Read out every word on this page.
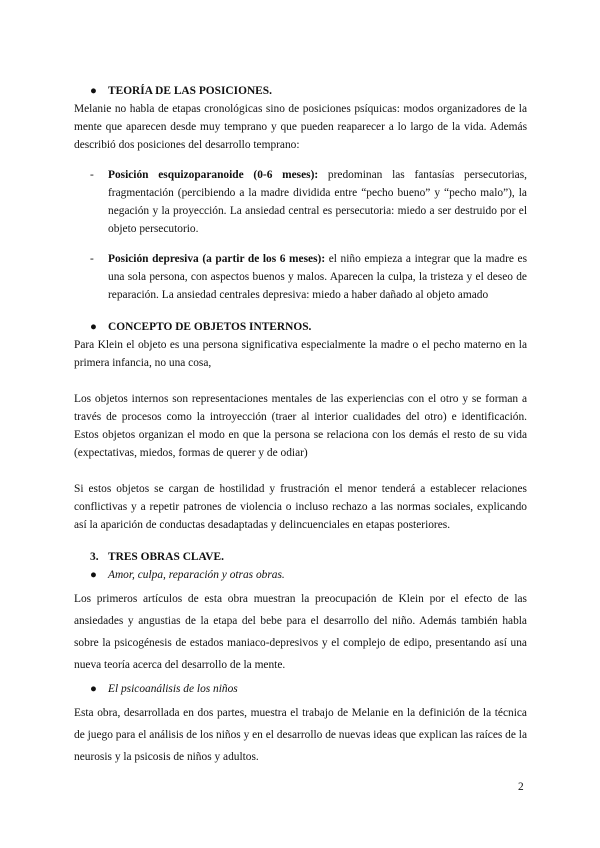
● TEORÍA DE LAS POSICIONES.

Melanie no habla de etapas cronológicas sino de posiciones psíquicas: modos organizadores de la mente que aparecen desde muy temprano y que pueden reaparecer a lo largo de la vida. Además describió dos posiciones del desarrollo temprano:

-	Posición esquizoparanoide (0-6 meses): predominan las fantasías persecutorias, fragmentación (percibiendo a la madre dividida entre “pecho bueno” y “pecho malo”), la negación y la proyección. La ansiedad central es persecutoria: miedo a ser destruido por el objeto persecutorio.

-	Posición depresiva (a partir de los 6 meses): el niño empieza a integrar que la madre es una sola persona, con aspectos buenos y malos. Aparecen la culpa, la tristeza y el deseo de reparación. La ansiedad centrales depresiva: miedo a haber dañado al objeto amado

● CONCEPTO DE OBJETOS INTERNOS.

Para Klein el objeto es una persona significativa especialmente la madre o el pecho materno en la primera infancia, no una cosa,

Los objetos internos son representaciones mentales de las experiencias con el otro y se forman a través de procesos como la introyección (traer al interior cualidades del otro) e identificación. Estos objetos organizan el modo en que la persona se relaciona con los demás el resto de su vida (expectativas, miedos, formas de querer y de odiar)

Si estos objetos se cargan de hostilidad y frustración el menor tenderá a establecer relaciones conflictivas y a repetir patrones de violencia o incluso rechazo a las normas sociales, explicando así la aparición de conductas desadaptadas y delincuenciales en etapas posteriores.

3. TRES OBRAS CLAVE.
● Amor, culpa, reparación y otras obras.

Los primeros artículos de esta obra muestran la preocupación de Klein por el efecto de las ansiedades y angustias de la etapa del bebe para el desarrollo del niño. Además también habla sobre la psicogénesis de estados maniaco-depresivos y el complejo de edipo, presentando así una nueva teoría acerca del desarrollo de la mente.

● El psicoanálisis de los niños

Esta obra, desarrollada en dos partes, muestra el trabajo de Melanie en la definición de la técnica de juego para el análisis de los niños y en el desarrollo de nuevas ideas que explican las raíces de la neurosis y la psicosis de niños y adultos.

2
